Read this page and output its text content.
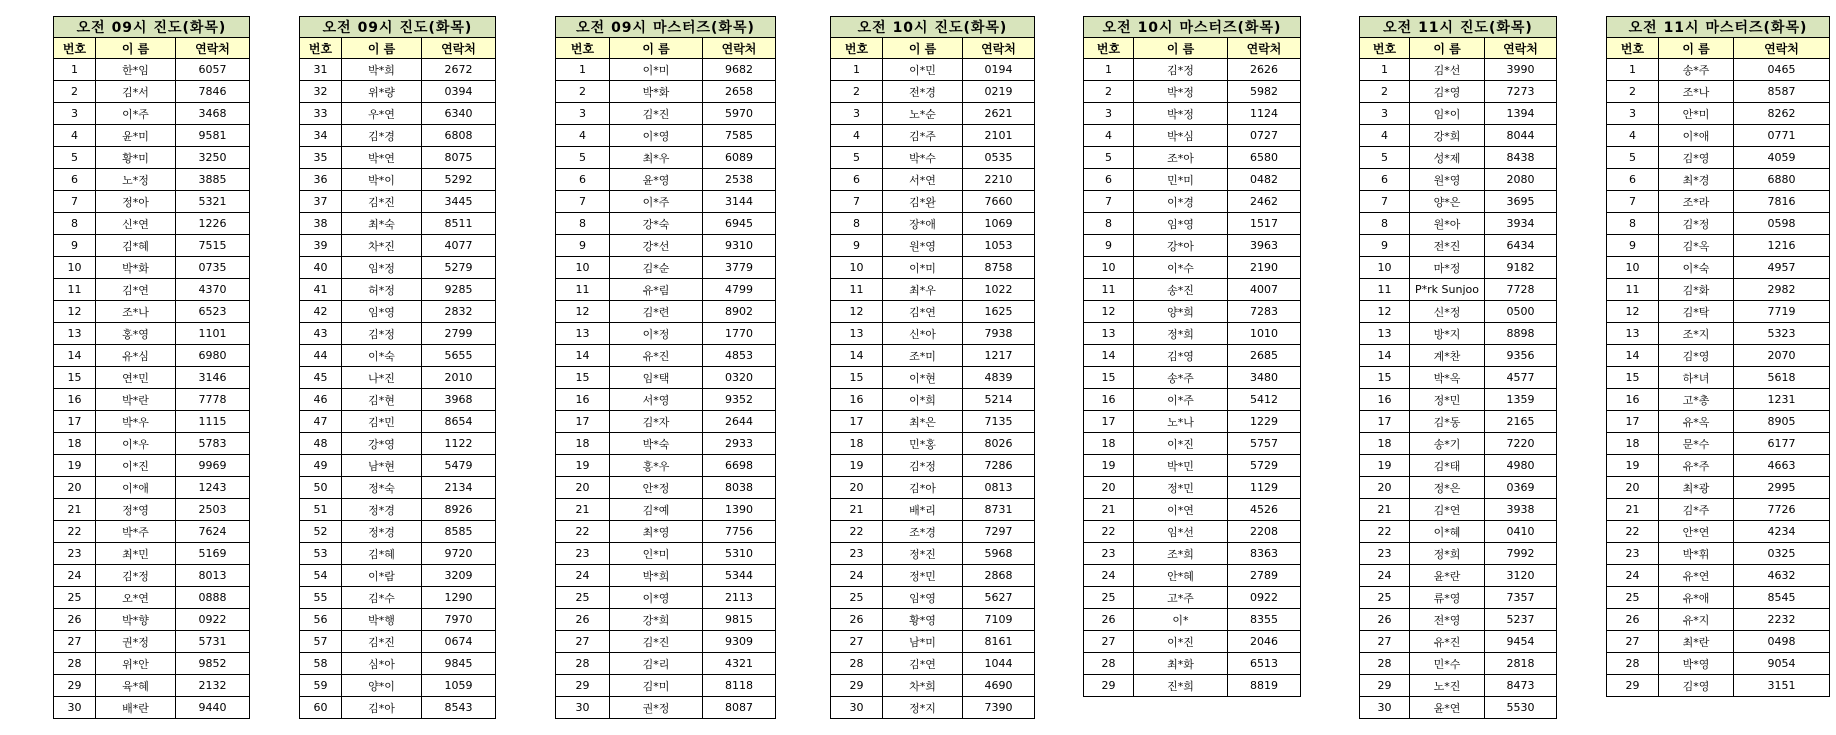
오전 09시 진도(화목)		
번호	이 름	연락처
1	한*임	6057
2	김*서	7846
3	이*주	3468
4	윤*미	9581
5	황*미	3250
6	노*정	3885
7	정*아	5321
8	신*연	1226
9	김*혜	7515
10	박*화	0735
11	김*연	4370
12	조*나	6523
13	홍*영	1101
14	유*심	6980
15	연*민	3146
16	박*란	7778
17	박*우	1115
18	이*우	5783
19	이*진	9969
20	이*애	1243
21	정*영	2503
22	박*주	7624
23	최*민	5169
24	김*정	8013
25	오*연	0888
26	박*향	0922
27	권*정	5731
28	위*안	9852
29	육*혜	2132
30	배*란	9440
오전 09시 진도(화목)		
번호	이 름	연락처
31	박*희	2672
32	위*량	0394
33	우*연	6340
34	김*경	6808
35	박*연	8075
36	박*이	5292
37	김*진	3445
38	최*숙	8511
39	차*진	4077
40	임*정	5279
41	허*정	9285
42	임*영	2832
43	김*정	2799
44	이*숙	5655
45	나*진	2010
46	김*현	3968
47	김*민	8654
48	강*영	1122
49	남*현	5479
50	정*숙	2134
51	정*경	8926
52	정*경	8585
53	김*혜	9720
54	이*람	3209
55	김*수	1290
56	박*행	7970
57	김*진	0674
58	심*아	9845
59	양*이	1059
60	김*아	8543
오전 09시 마스터즈(화목)		
번호	이 름	연락처
1	이*미	9682
2	박*화	2658
3	김*진	5970
4	이*영	7585
5	최*우	6089
6	윤*영	2538
7	이*주	3144
8	강*숙	6945
9	강*선	9310
10	김*순	3779
11	유*림	4799
12	김*련	8902
13	이*정	1770
14	유*진	4853
15	임*택	0320
16	서*영	9352
17	김*자	2644
18	박*숙	2933
19	홍*우	6698
20	안*정	8038
21	김*예	1390
22	최*영	7756
23	인*미	5310
24	박*희	5344
25	이*영	2113
26	강*희	9815
27	김*진	9309
28	김*리	4321
29	김*미	8118
30	권*정	8087
오전 10시 진도(화목)		
번호	이 름	연락처
1	이*민	0194
2	전*경	0219
3	노*순	2621
4	김*주	2101
5	박*수	0535
6	서*연	2210
7	김*완	7660
8	장*애	1069
9	원*영	1053
10	이*미	8758
11	최*우	1022
12	김*연	1625
13	신*아	7938
14	조*미	1217
15	이*현	4839
16	이*희	5214
17	최*은	7135
18	민*홍	8026
19	김*정	7286
20	김*아	0813
21	배*리	8731
22	조*경	7297
23	정*진	5968
24	정*민	2868
25	임*영	5627
26	황*영	7109
27	남*미	8161
28	김*연	1044
29	차*희	4690
30	정*지	7390
오전 10시 마스터즈(화목)		
번호	이 름	연락처
1	김*정	2626
2	박*정	5982
3	박*정	1124
4	박*심	0727
5	조*아	6580
6	민*미	0482
7	이*경	2462
8	임*영	1517
9	강*아	3963
10	이*수	2190
11	송*진	4007
12	양*희	7283
13	정*희	1010
14	김*영	2685
15	송*주	3480
16	이*주	5412
17	노*나	1229
18	이*진	5757
19	박*민	5729
20	정*민	1129
21	이*연	4526
22	임*선	2208
23	조*희	8363
24	안*혜	2789
25	고*주	0922
26	이*	8355
27	이*진	2046
28	최*화	6513
29	진*희	8819
오전 11시 진도(화목)		
번호	이 름	연락처
1	김*선	3990
2	김*영	7273
3	임*이	1394
4	강*희	8044
5	성*제	8438
6	원*영	2080
7	양*은	3695
8	원*아	3934
9	전*진	6434
10	마*정	9182
11	P*rk Sunjoo	7728
12	신*정	0500
13	방*지	8898
14	계*찬	9356
15	박*옥	4577
16	정*민	1359
17	김*동	2165
18	송*기	7220
19	김*태	4980
20	정*은	0369
21	김*연	3938
22	이*혜	0410
23	정*희	7992
24	윤*란	3120
25	류*영	7357
26	전*영	5237
27	유*진	9454
28	민*수	2818
29	노*진	8473
30	윤*연	5530
오전 11시 마스터즈(화목)		
번호	이 름	연락처
1	송*주	0465
2	조*나	8587
3	안*미	8262
4	이*애	0771
5	김*영	4059
6	최*경	6880
7	조*라	7816
8	김*정	0598
9	김*옥	1216
10	이*숙	4957
11	김*화	2982
12	김*탁	7719
13	조*지	5323
14	김*영	2070
15	하*녀	5618
16	고*총	1231
17	유*옥	8905
18	문*수	6177
19	유*주	4663
20	최*광	2995
21	김*주	7726
22	안*연	4234
23	박*휘	0325
24	유*연	4632
25	유*애	8545
26	유*지	2232
27	최*란	0498
28	박*영	9054
29	김*영	3151
